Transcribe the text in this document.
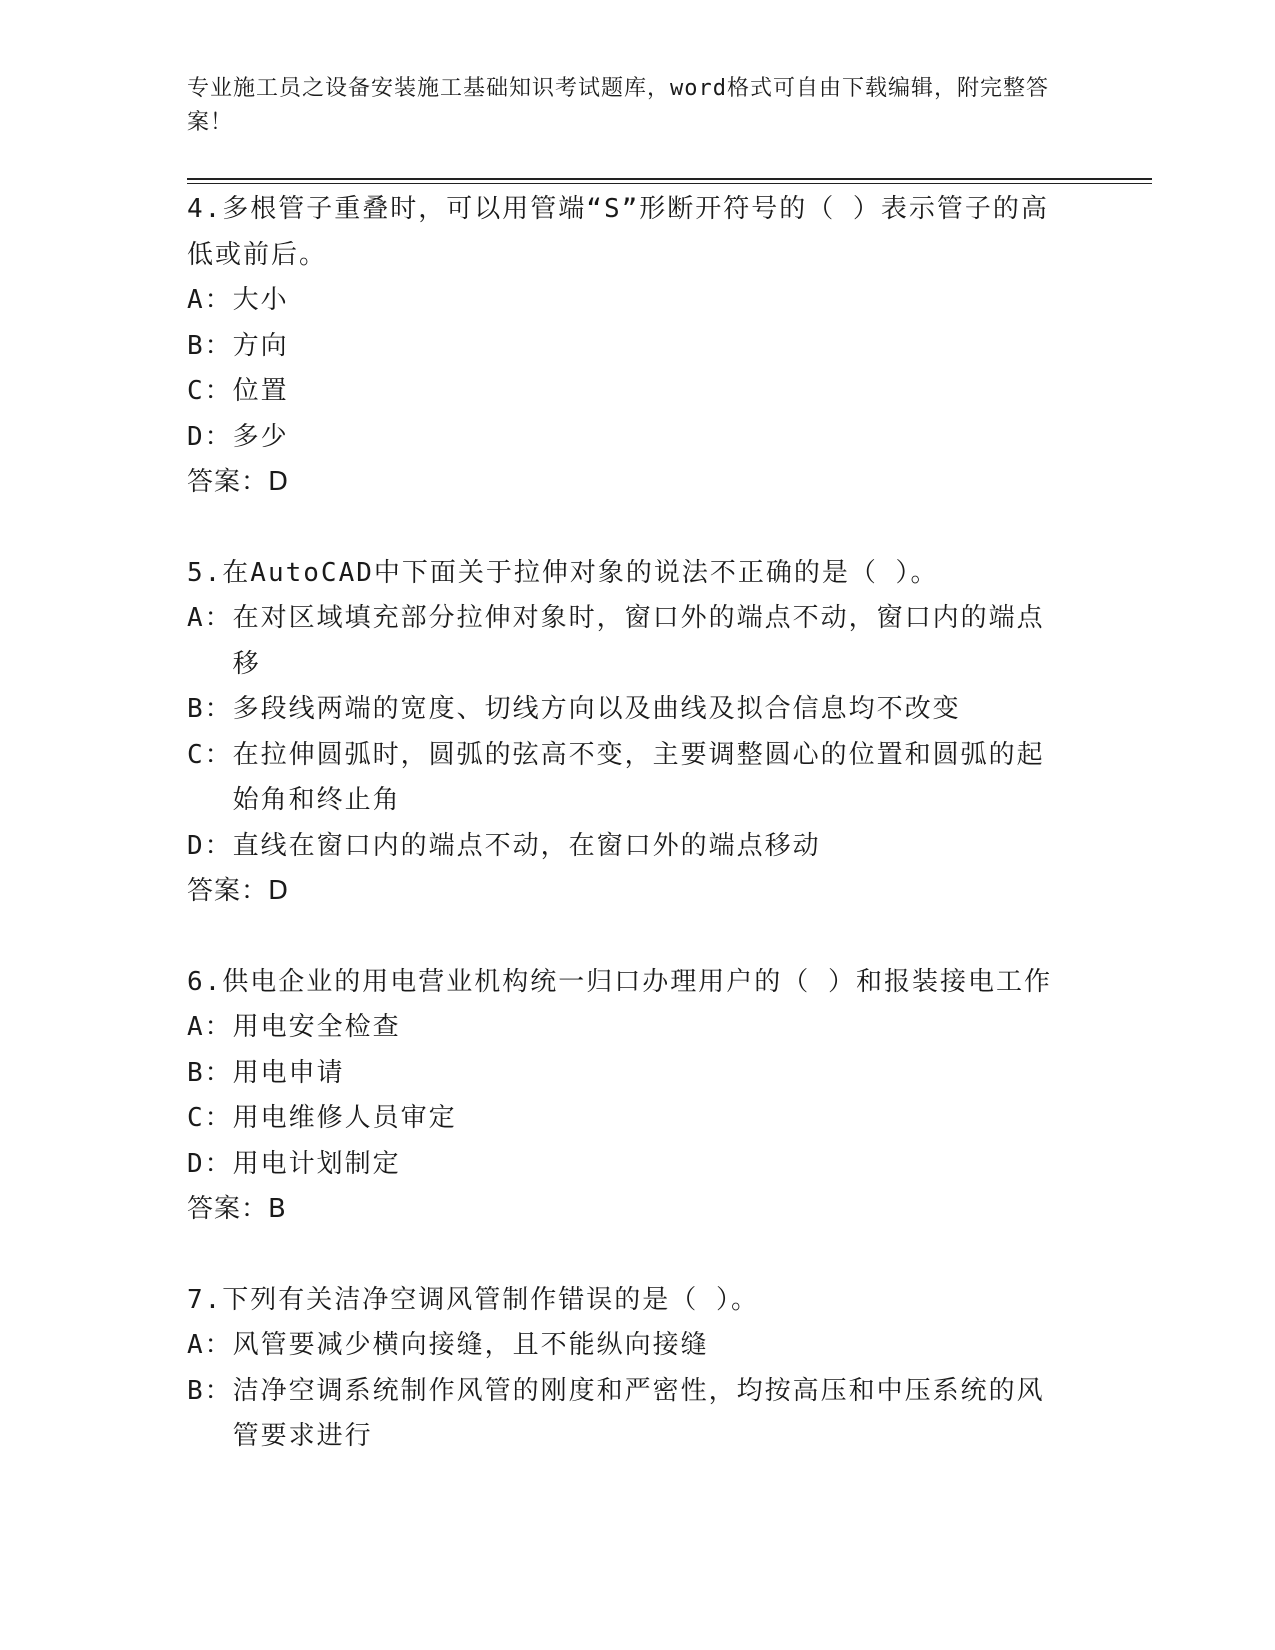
专业施工员之设备安装施工基础知识考试题库，word格式可自由下载编辑，附完整答案！

4.多根管子重叠时，可以用管端“S”形断开符号的（ ）表示管子的高低或前后。

A： 大小
B： 方向
C： 位置
D： 多少

答案：D

5.在AutoCAD中下面关于拉伸对象的说法不正确的是（ ）。

A： 在对区域填充部分拉伸对象时，窗口外的端点不动，窗口内的端点移
B： 多段线两端的宽度、切线方向以及曲线及拟合信息均不改变
C： 在拉伸圆弧时，圆弧的弦高不变，主要调整圆心的位置和圆弧的起始角和终止角
D： 直线在窗口内的端点不动，在窗口外的端点移动

答案：D

6.供电企业的用电营业机构统一归口办理用户的（ ）和报装接电工作

A： 用电安全检查
B： 用电申请
C： 用电维修人员审定
D： 用电计划制定

答案：B

7.下列有关洁净空调风管制作错误的是（ ）。

A： 风管要减少横向接缝，且不能纵向接缝
B： 洁净空调系统制作风管的刚度和严密性，均按高压和中压系统的风管要求进行
